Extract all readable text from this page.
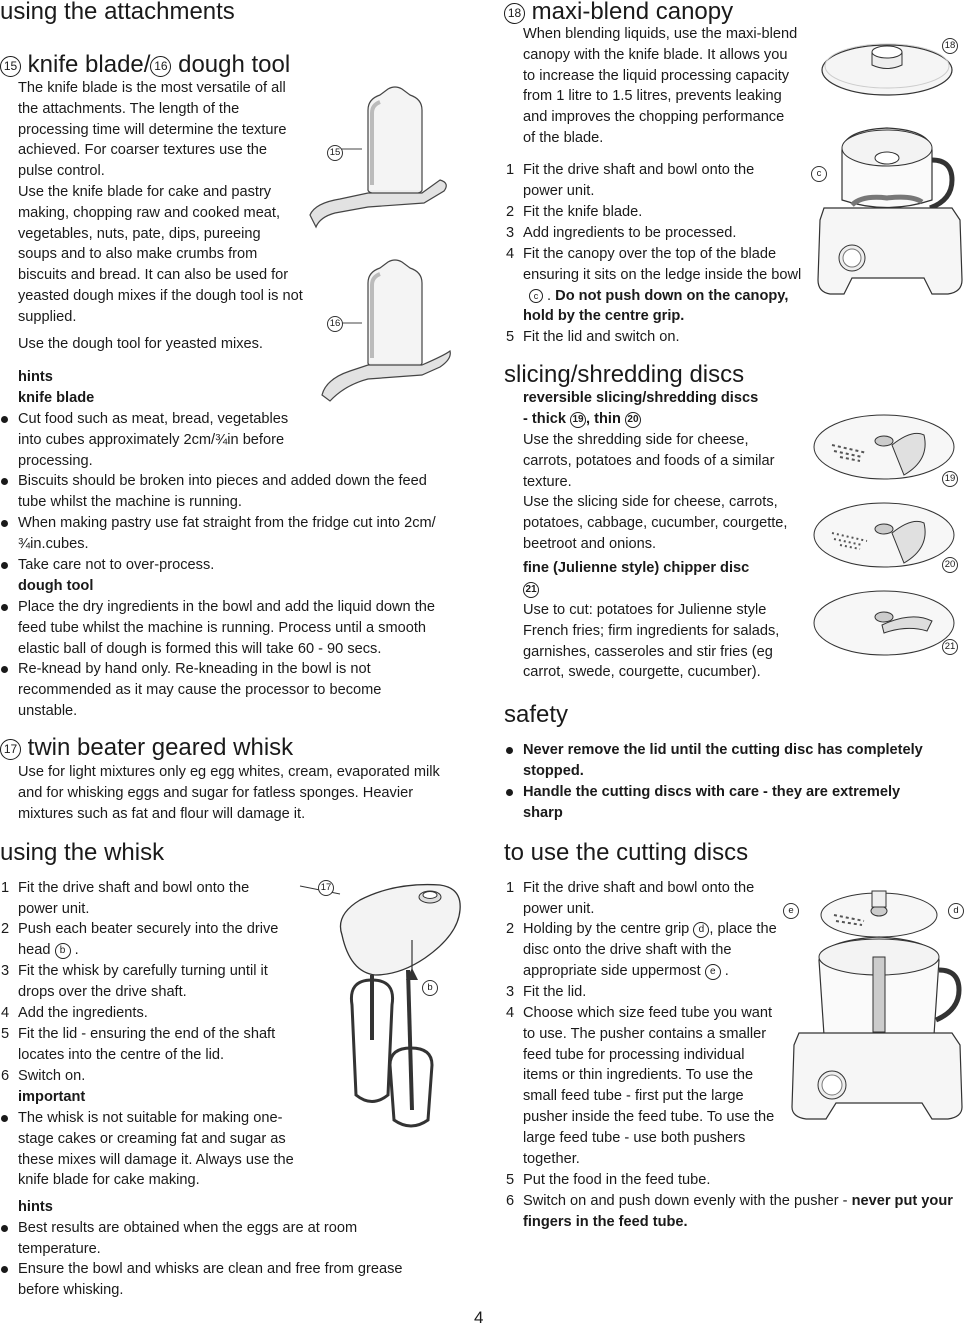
using the attachments
15 knife blade/ 16 dough tool
The knife blade is the most versatile of all the attachments. The length of the processing time will determine the texture achieved. For coarser textures use the pulse control.
Use the knife blade for cake and pastry making, chopping raw and cooked meat, vegetables, nuts, pate, dips, pureeing soups and to also make crumbs from biscuits and bread. It can also be used for yeasted dough mixes if the dough tool is not supplied.
Use the dough tool for yeasted mixes.
hints
knife blade
Cut food such as meat, bread, vegetables into cubes approximately 2cm/¾in before processing.
Biscuits should be broken into pieces and added down the feed tube whilst the machine is running.
When making pastry use fat straight from the fridge cut into 2cm/¾in.cubes.
Take care not to over-process.
dough tool
Place the dry ingredients in the bowl and add the liquid down the feed tube whilst the machine is running. Process until a smooth elastic ball of dough is formed this will take 60 - 90 secs.
Re-knead by hand only. Re-kneading in the bowl is not recommended as it may cause the processor to become unstable.
15
16
17 twin beater geared whisk
Use for light mixtures only eg egg whites, cream, evaporated milk and for whisking eggs and sugar for fatless sponges. Heavier mixtures such as fat and flour will damage it.
using the whisk
1 Fit the drive shaft and bowl onto the power unit.
2 Push each beater securely into the drive head b .
3 Fit the whisk by carefully turning until it drops over the drive shaft.
4 Add the ingredients.
5 Fit the lid - ensuring the end of the shaft locates into the centre of the lid.
6 Switch on.
important
The whisk is not suitable for making one-stage cakes or creaming fat and sugar as these mixes will damage it. Always use the knife blade for cake making.
hints
Best results are obtained when the eggs are at room temperature.
Ensure the bowl and whisks are clean and free from grease before whisking.
17
b
4
18 maxi-blend canopy
When blending liquids, use the maxi-blend canopy with the knife blade. It allows you to increase the liquid processing capacity from 1 litre to 1.5 litres, prevents leaking and improves the chopping performance of the blade.
1 Fit the drive shaft and bowl onto the power unit.
2 Fit the knife blade.
3 Add ingredients to be processed.
4 Fit the canopy over the top of the blade ensuring it sits on the ledge inside the bowl c . Do not push down on the canopy, hold by the centre grip.
5 Fit the lid and switch on.
18
c
slicing/shredding discs
reversible slicing/shredding discs
- thick 19 , thin 20
Use the shredding side for cheese, carrots, potatoes and foods of a similar texture.
Use the slicing side for cheese, carrots, potatoes, cabbage, cucumber, courgette, beetroot and onions.
fine (Julienne style) chipper disc
21
Use to cut: potatoes for Julienne style French fries; firm ingredients for salads, garnishes, casseroles and stir fries (eg carrot, swede, courgette, cucumber).
19
20
21
safety
Never remove the lid until the cutting disc has completely stopped.
Handle the cutting discs with care - they are extremely sharp
to use the cutting discs
1 Fit the drive shaft and bowl onto the power unit.
2 Holding by the centre grip d , place the disc onto the drive shaft with the appropriate side uppermost e .
3 Fit the lid.
4 Choose which size feed tube you want to use. The pusher contains a smaller feed tube for processing individual items or thin ingredients. To use the small feed tube - first put the large pusher inside the feed tube. To use the large feed tube - use both pushers together.
5 Put the food in the feed tube.
6 Switch on and push down evenly with the pusher - never put your fingers in the feed tube.
e	d
